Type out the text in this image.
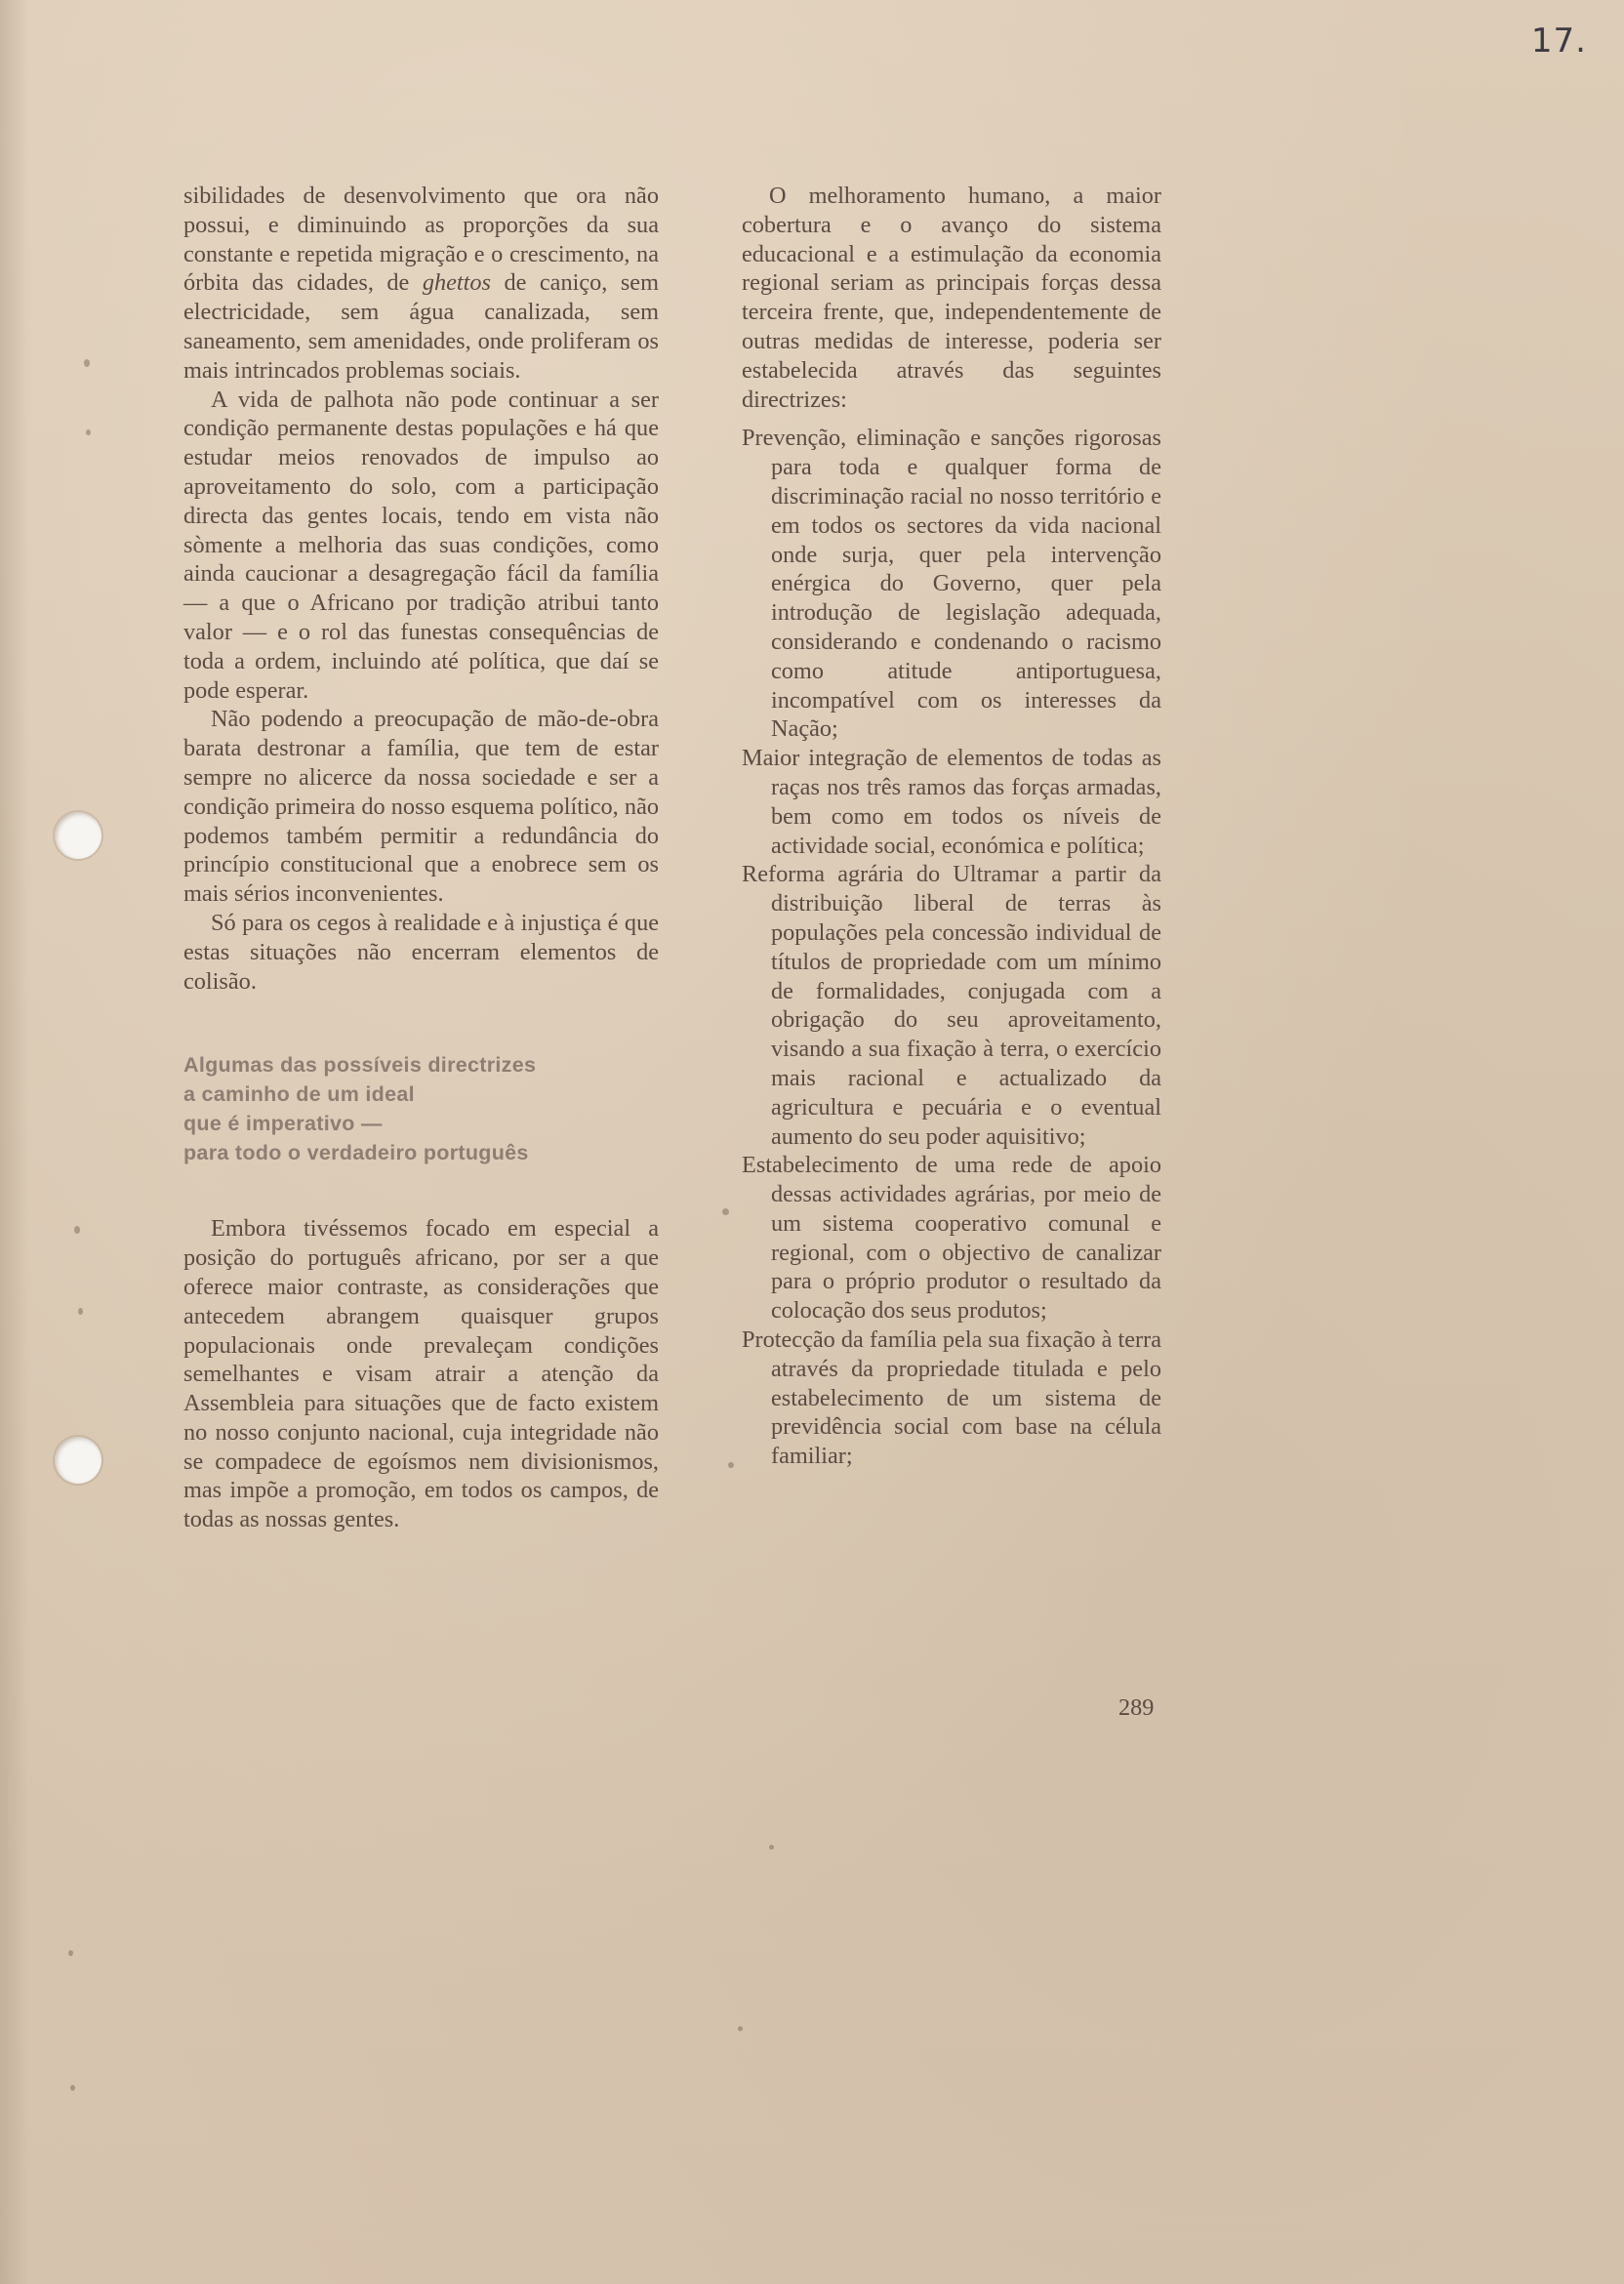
17.

sibilidades de desenvolvimento que ora não possui, e diminuindo as proporções da sua constante e repetida migração e o crescimento, na órbita das cidades, de ghettos de caniço, sem electricidade, sem água canalizada, sem saneamento, sem amenidades, onde proliferam os mais intrincados problemas sociais.

A vida de palhota não pode continuar a ser condição permanente destas populações e há que estudar meios renovados de impulso ao aproveitamento do solo, com a participação directa das gentes locais, tendo em vista não sòmente a melhoria das suas condições, como ainda caucionar a desagregação fácil da família — a que o Africano por tradição atribui tanto valor — e o rol das funestas consequências de toda a ordem, incluindo até política, que daí se pode esperar.

Não podendo a preocupação de mão-de-obra barata destronar a família, que tem de estar sempre no alicerce da nossa sociedade e ser a condição primeira do nosso esquema político, não podemos também permitir a redundância do princípio constitucional que a enobrece sem os mais sérios inconvenientes.

Só para os cegos à realidade e à injustiça é que estas situações não encerram elementos de colisão.

Algumas das possíveis directrizes
a caminho de um ideal
que é imperativo —
para todo o verdadeiro português

Embora tivéssemos focado em especial a posição do português africano, por ser a que oferece maior contraste, as considerações que antecedem abrangem quaisquer grupos populacionais onde prevaleçam condições semelhantes e visam atrair a atenção da Assembleia para situações que de facto existem no nosso conjunto nacional, cuja integridade não se compadece de egoísmos nem divisionismos, mas impõe a promoção, em todos os campos, de todas as nossas gentes.

O melhoramento humano, a maior cobertura e o avanço do sistema educacional e a estimulação da economia regional seriam as principais forças dessa terceira frente, que, independentemente de outras medidas de interesse, poderia ser estabelecida através das seguintes directrizes:

Prevenção, eliminação e sanções rigorosas para toda e qualquer forma de discriminação racial no nosso território e em todos os sectores da vida nacional onde surja, quer pela intervenção enérgica do Governo, quer pela introdução de legislação adequada, considerando e condenando o racismo como atitude antiportuguesa, incompatível com os interesses da Nação;
Maior integração de elementos de todas as raças nos três ramos das forças armadas, bem como em todos os níveis de actividade social, económica e política;
Reforma agrária do Ultramar a partir da distribuição liberal de terras às populações pela concessão individual de títulos de propriedade com um mínimo de formalidades, conjugada com a obrigação do seu aproveitamento, visando a sua fixação à terra, o exercício mais racional e actualizado da agricultura e pecuária e o eventual aumento do seu poder aquisitivo;
Estabelecimento de uma rede de apoio dessas actividades agrárias, por meio de um sistema cooperativo comunal e regional, com o objectivo de canalizar para o próprio produtor o resultado da colocação dos seus produtos;
Protecção da família pela sua fixação à terra através da propriedade titulada e pelo estabelecimento de um sistema de previdência social com base na célula familiar;
289
